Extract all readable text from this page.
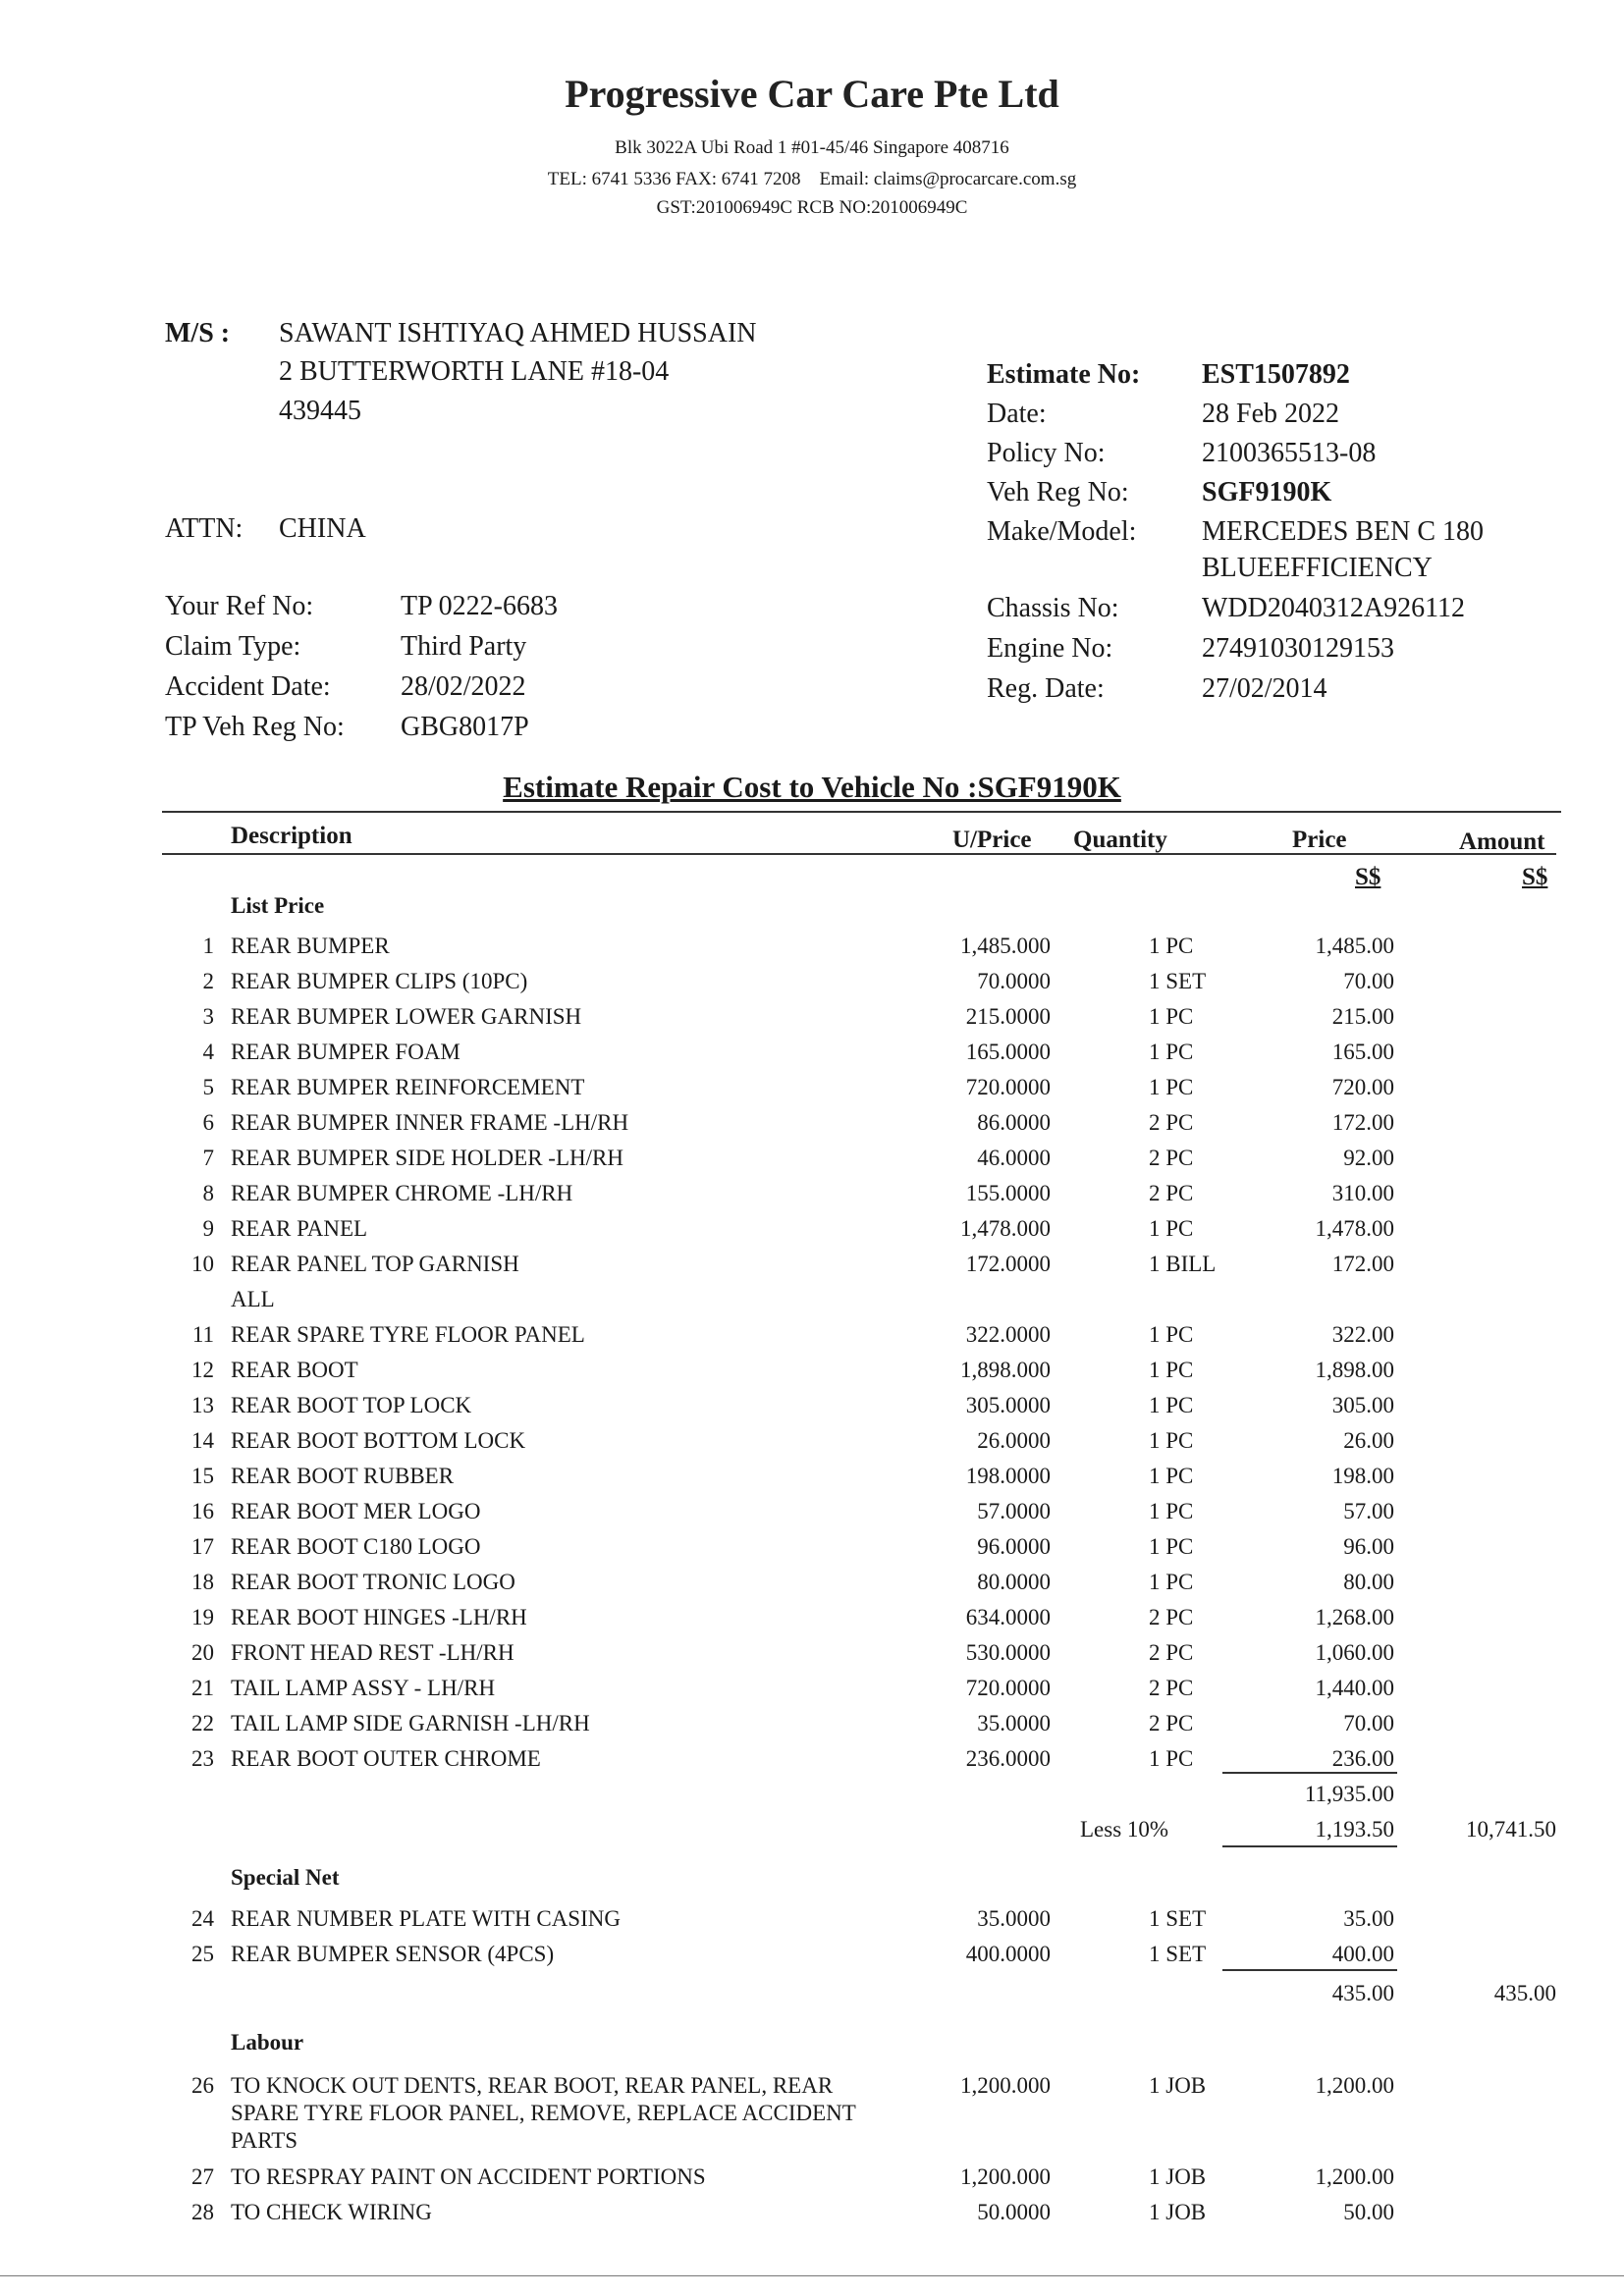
Progressive Car Care Pte Ltd
Blk 3022A Ubi Road 1 #01-45/46 Singapore 408716
TEL: 6741 5336 FAX: 6741 7208    Email: claims@procarcare.com.sg
GST:201006949C RCB NO:201006949C
M/S : SAWANT ISHTIYAQ AHMED HUSSAIN
2 BUTTERWORTH LANE #18-04
439445
ATTN: CHINA
Your Ref No:	TP 0222-6683
Claim Type:	Third Party
Accident Date:	28/02/2022
TP Veh Reg No: GBG8017P
Estimate No: EST1507892
Date:	28 Feb 2022
Policy No:	2100365513-08
Veh Reg No:	SGF9190K
Make/Model: MERCEDES BEN C 180
BLUEEFFICIENCY
Chassis No:	WDD2040312A926112
Engine No:	27491030129153
Reg. Date:	27/02/2014
Estimate Repair Cost to Vehicle No :SGF9190K
Description	U/Price Quantity	Price	Amount
S$	S$
List Price
1 REAR BUMPER	1,485.000	1 PC	1,485.00
2 REAR BUMPER CLIPS (10PC)	70.0000	1 SET	70.00
3 REAR BUMPER LOWER GARNISH	215.0000	1 PC	215.00
4 REAR BUMPER FOAM	165.0000	1 PC	165.00
5 REAR BUMPER REINFORCEMENT	720.0000	1 PC	720.00
6 REAR BUMPER INNER FRAME -LH/RH	86.0000	2 PC	172.00
7 REAR BUMPER SIDE HOLDER -LH/RH	46.0000	2 PC	92.00
8 REAR BUMPER CHROME -LH/RH	155.0000	2 PC	310.00
9 REAR PANEL	1,478.000	1 PC	1,478.00
10 REAR PANEL TOP GARNISH	172.0000	1 BILL	172.00
ALL
11 REAR SPARE TYRE FLOOR PANEL	322.0000	1 PC	322.00
12 REAR BOOT	1,898.000	1 PC	1,898.00
13 REAR BOOT TOP LOCK	305.0000	1 PC	305.00
14 REAR BOOT BOTTOM LOCK	26.0000	1 PC	26.00
15 REAR BOOT RUBBER	198.0000	1 PC	198.00
16 REAR BOOT MER LOGO	57.0000	1 PC	57.00
17 REAR BOOT C180 LOGO	96.0000	1 PC	96.00
18 REAR BOOT TRONIC LOGO	80.0000	1 PC	80.00
19 REAR BOOT HINGES -LH/RH	634.0000	2 PC	1,268.00
20 FRONT HEAD REST -LH/RH	530.0000	2 PC	1,060.00
21 TAIL LAMP ASSY - LH/RH	720.0000	2 PC	1,440.00
22 TAIL LAMP SIDE GARNISH -LH/RH	35.0000	2 PC	70.00
23 REAR BOOT OUTER CHROME	236.0000	1 PC	236.00
11,935.00
Less 10%	1,193.50	10,741.50
Special Net
24 REAR NUMBER PLATE WITH CASING	35.0000	1 SET	35.00
25 REAR BUMPER SENSOR (4PCS)	400.0000	1 SET	400.00
435.00	435.00
Labour
26 TO KNOCK OUT DENTS, REAR BOOT, REAR PANEL, REAR	1,200.000	1 JOB	1,200.00
SPARE TYRE FLOOR PANEL, REMOVE, REPLACE ACCIDENT
PARTS
27 TO RESPRAY PAINT ON ACCIDENT PORTIONS	1,200.000	1 JOB	1,200.00
28 TO CHECK WIRING	50.0000	1 JOB	50.00
